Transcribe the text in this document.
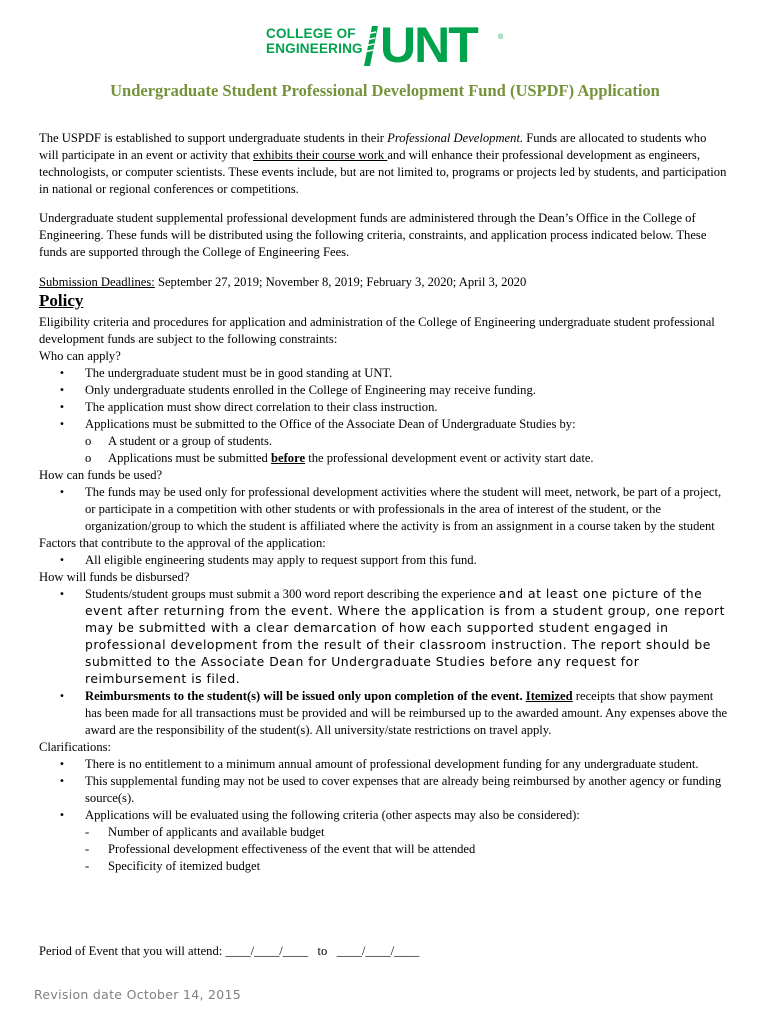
COLLEGE OF
ENGINEERING UNT	®
Undergraduate Student Professional Development Fund (USPDF) Application
The USPDF is established to support undergraduate students in their Professional Development. Funds are allocated to students who will participate in an event or activity that exhibits their course work and will enhance their professional development as engineers, technologists, or computer scientists. These events include, but are not limited to, programs or projects led by students, and participation in national or regional conferences or competitions.
Undergraduate student supplemental professional development funds are administered through the Dean’s Office in the College of Engineering. These funds will be distributed using the following criteria, constraints, and application process indicated below. These funds are supported through the College of Engineering Fees.
Submission Deadlines: September 27, 2019; November 8, 2019; February 3, 2020; April 3, 2020
Policy
Eligibility criteria and procedures for application and administration of the College of Engineering undergraduate student professional development funds are subject to the following constraints:
Who can apply?
• The undergraduate student must be in good standing at UNT.
• Only undergraduate students enrolled in the College of Engineering may receive funding.
• The application must show direct correlation to their class instruction.
• Applications must be submitted to the Office of the Associate Dean of Undergraduate Studies by:
o A student or a group of students.
o Applications must be submitted before the professional development event or activity start date.
How can funds be used?
• The funds may be used only for professional development activities where the student will meet, network, be part of a project, or participate in a competition with other students or with professionals in the area of interest of the student, or the organization/group to which the student is affiliated where the activity is from an assignment in a course taken by the student
Factors that contribute to the approval of the application:
• All eligible engineering students may apply to request support from this fund.
How will funds be disbursed?
• Students/student groups must submit a 300 word report describing the experience and at least one picture of the event after returning from the event. Where the application is from a student group, one report may be submitted with a clear demarcation of how each supported student engaged in professional development from the result of their classroom instruction. The report should be submitted to the Associate Dean for Undergraduate Studies before any request for reimbursement is filed.
• Reimbursments to the student(s) will be issued only upon completion of the event. Itemized receipts that show payment has been made for all transactions must be provided and will be reimbursed up to the awarded amount. Any expenses above the award are the responsibility of the student(s). All university/state restrictions on travel apply.
Clarifications:
• There is no entitlement to a minimum annual amount of professional development funding for any undergraduate student.
• This supplemental funding may not be used to cover expenses that are already being reimbursed by another agency or funding source(s).
• Applications will be evaluated using the following criteria (other aspects may also be considered):
- Number of applicants and available budget
- Professional development effectiveness of the event that will be attended
- Specificity of itemized budget
Period of Event that you will attend: ____/____/____ to ____/____/____
Revision date October 14, 2015
